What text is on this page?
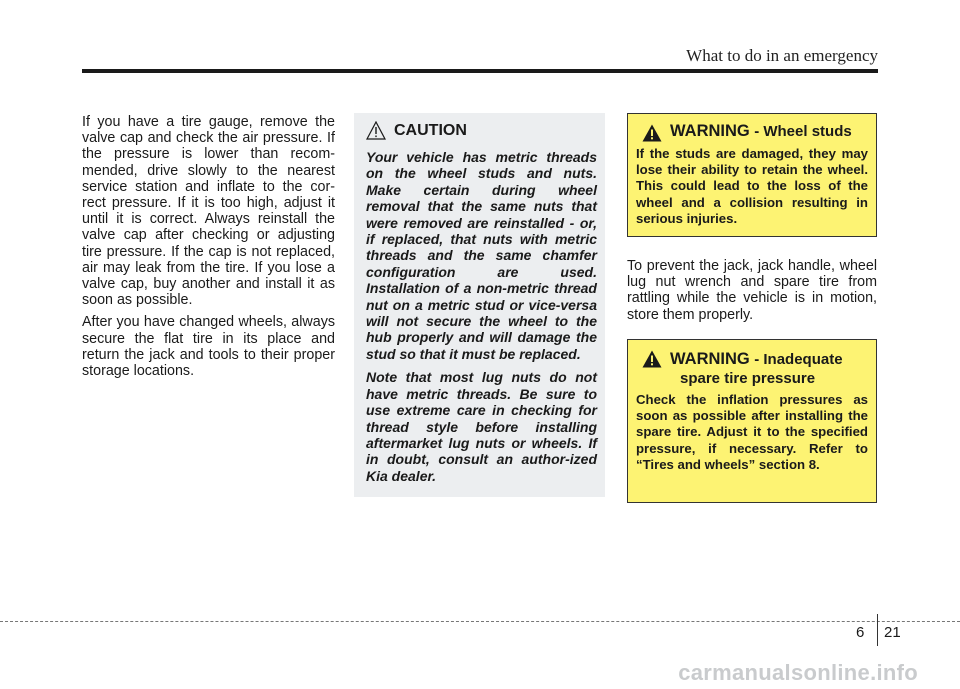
What to do in an emergency

If you have a tire gauge, remove the valve cap and check the air pressure. If the pressure is lower than recom-mended, drive slowly to the nearest service station and inflate to the cor-rect pressure. If it is too high, adjust it until it is correct. Always reinstall the valve cap after checking or adjusting tire pressure. If the cap is not replaced, air may leak from the tire. If you lose a valve cap, buy another and install it as soon as possible.

After you have changed wheels, always secure the flat tire in its place and return the jack and tools to their proper storage locations.

CAUTION

Your vehicle has metric threads on the wheel studs and nuts. Make certain during wheel removal that the same nuts that were removed are reinstalled - or, if replaced, that nuts with metric threads and the same chamfer configuration are used. Installation of a non-metric thread nut on a metric stud or vice-versa will not secure the wheel to the hub properly and will damage the stud so that it must be replaced.

Note that most lug nuts do not have metric threads. Be sure to use extreme care in checking for thread style before installing aftermarket lug nuts or wheels. If in doubt, consult an author-ized Kia dealer.

WARNING - Wheel studs
If the studs are damaged, they may lose their ability to retain the wheel. This could lead to the loss of the wheel and a collision resulting in serious injuries.
To prevent the jack, jack handle, wheel lug nut wrench and spare tire from rattling while the vehicle is in motion, store them properly.
WARNING - Inadequate
spare tire pressure
Check the inflation pressures as soon as possible after installing the spare tire. Adjust it to the specified pressure, if necessary. Refer to “Tires and wheels” section 8.
6 21
carmanualsonline.info
